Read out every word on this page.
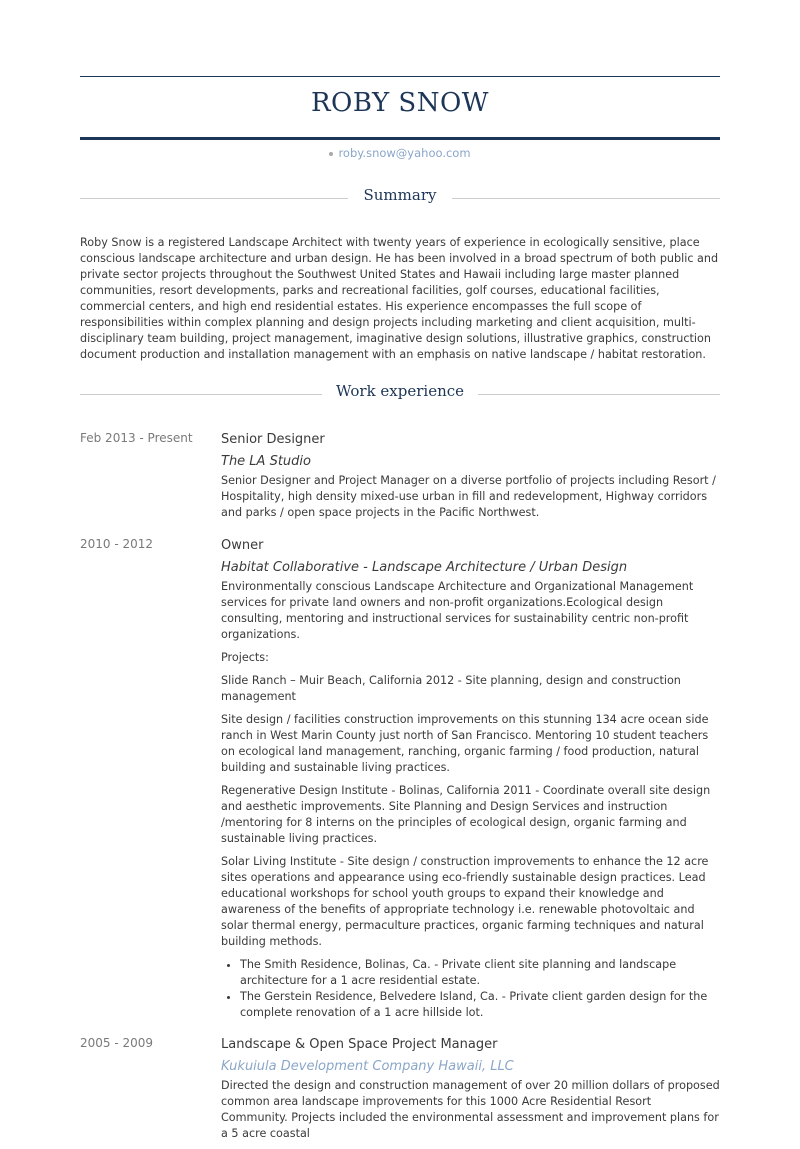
ROBY SNOW
roby.snow@yahoo.com
Summary

Roby Snow is a registered Landscape Architect with twenty years of experience in ecologically sensitive, place conscious landscape architecture and urban design. He has been involved in a broad spectrum of both public and private sector projects throughout the Southwest United States and Hawaii including large master planned communities, resort developments, parks and recreational facilities, golf courses, educational facilities, commercial centers, and high end residential estates. His experience encompasses the full scope of responsibilities within complex planning and design projects including marketing and client acquisition, multi-disciplinary team building, project management, imaginative design solutions, illustrative graphics, construction document production and installation management with an emphasis on native landscape / habitat restoration.

Work experience
Feb 2013 - Present Senior Designer
The LA Studio

Senior Designer and Project Manager on a diverse portfolio of projects including Resort / Hospitality, high density mixed-use urban in fill and redevelopment, Highway corridors and parks / open space projects in the Pacific Northwest.

2010 - 2012	Owner
Habitat Collaborative - Landscape Architecture / Urban Design

Environmentally conscious Landscape Architecture and Organizational Management services for private land owners and non-profit organizations.Ecological design consulting, mentoring and instructional services for sustainability centric non-profit organizations.

Projects:

Slide Ranch – Muir Beach, California 2012 - Site planning, design and construction management

Site design / facilities construction improvements on this stunning 134 acre ocean side ranch in West Marin County just north of San Francisco. Mentoring 10 student teachers on ecological land management, ranching, organic farming / food production, natural building and sustainable living practices.

Regenerative Design Institute - Bolinas, California 2011 - Coordinate overall site design and aesthetic improvements. Site Planning and Design Services and instruction /mentoring for 8 interns on the principles of ecological design, organic farming and sustainable living practices.

Solar Living Institute - Site design / construction improvements to enhance the 12 acre sites operations and appearance using eco-friendly sustainable design practices. Lead educational workshops for school youth groups to expand their knowledge and awareness of the benefits of appropriate technology i.e. renewable photovoltaic and solar thermal energy, permaculture practices, organic farming techniques and natural building methods.

• The Smith Residence, Bolinas, Ca. - Private client site planning and landscape architecture for a 1 acre residential estate.
• The Gerstein Residence, Belvedere Island, Ca. - Private client garden design for the complete renovation of a 1 acre hillside lot.
2005 - 2009	Landscape & Open Space Project Manager
Kukuiula Development Company Hawaii, LLC

Directed the design and construction management of over 20 million dollars of proposed common area landscape improvements for this 1000 Acre Residential Resort Community. Projects included the environmental assessment and improvement plans for a 5 acre coastal
